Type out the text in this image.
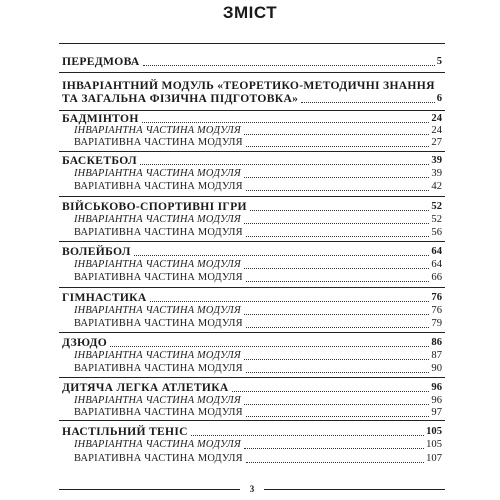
ЗМІСТ
ПЕРЕДМОВА	5
ІНВАРІАНТНИЙ МОДУЛЬ «ТЕОРЕТИКО-МЕТОДИЧНІ ЗНАННЯ
ТА ЗАГАЛЬНА ФІЗИЧНА ПІДГОТОВКА»	6
БАДМІНТОН	24
ІНВАРІАНТНА ЧАСТИНА МОДУЛЯ	24
ВАРІАТИВНА ЧАСТИНА МОДУЛЯ	27
БАСКЕТБОЛ	39
ІНВАРІАНТНА ЧАСТИНА МОДУЛЯ	39
ВАРІАТИВНА ЧАСТИНА МОДУЛЯ	42
ВІЙСЬКОВО-СПОРТИВНІ ІГРИ	52
ІНВАРІАНТНА ЧАСТИНА МОДУЛЯ	52
ВАРІАТИВНА ЧАСТИНА МОДУЛЯ	56
ВОЛЕЙБОЛ	64
ІНВАРІАНТНА ЧАСТИНА МОДУЛЯ	64
ВАРІАТИВНА ЧАСТИНА МОДУЛЯ	66
ГІМНАСТИКА	76
ІНВАРІАНТНА ЧАСТИНА МОДУЛЯ	76
ВАРІАТИВНА ЧАСТИНА МОДУЛЯ	79
ДЗЮДО	86
ІНВАРІАНТНА ЧАСТИНА МОДУЛЯ	87
ВАРІАТИВНА ЧАСТИНА МОДУЛЯ	90
ДИТЯЧА ЛЕГКА АТЛЕТИКА	96
ІНВАРІАНТНА ЧАСТИНА МОДУЛЯ	96
ВАРІАТИВНА ЧАСТИНА МОДУЛЯ	97
НАСТІЛЬНИЙ ТЕНІС	105
ІНВАРІАНТНА ЧАСТИНА МОДУЛЯ	105
ВАРІАТИВНА ЧАСТИНА МОДУЛЯ	107
3
